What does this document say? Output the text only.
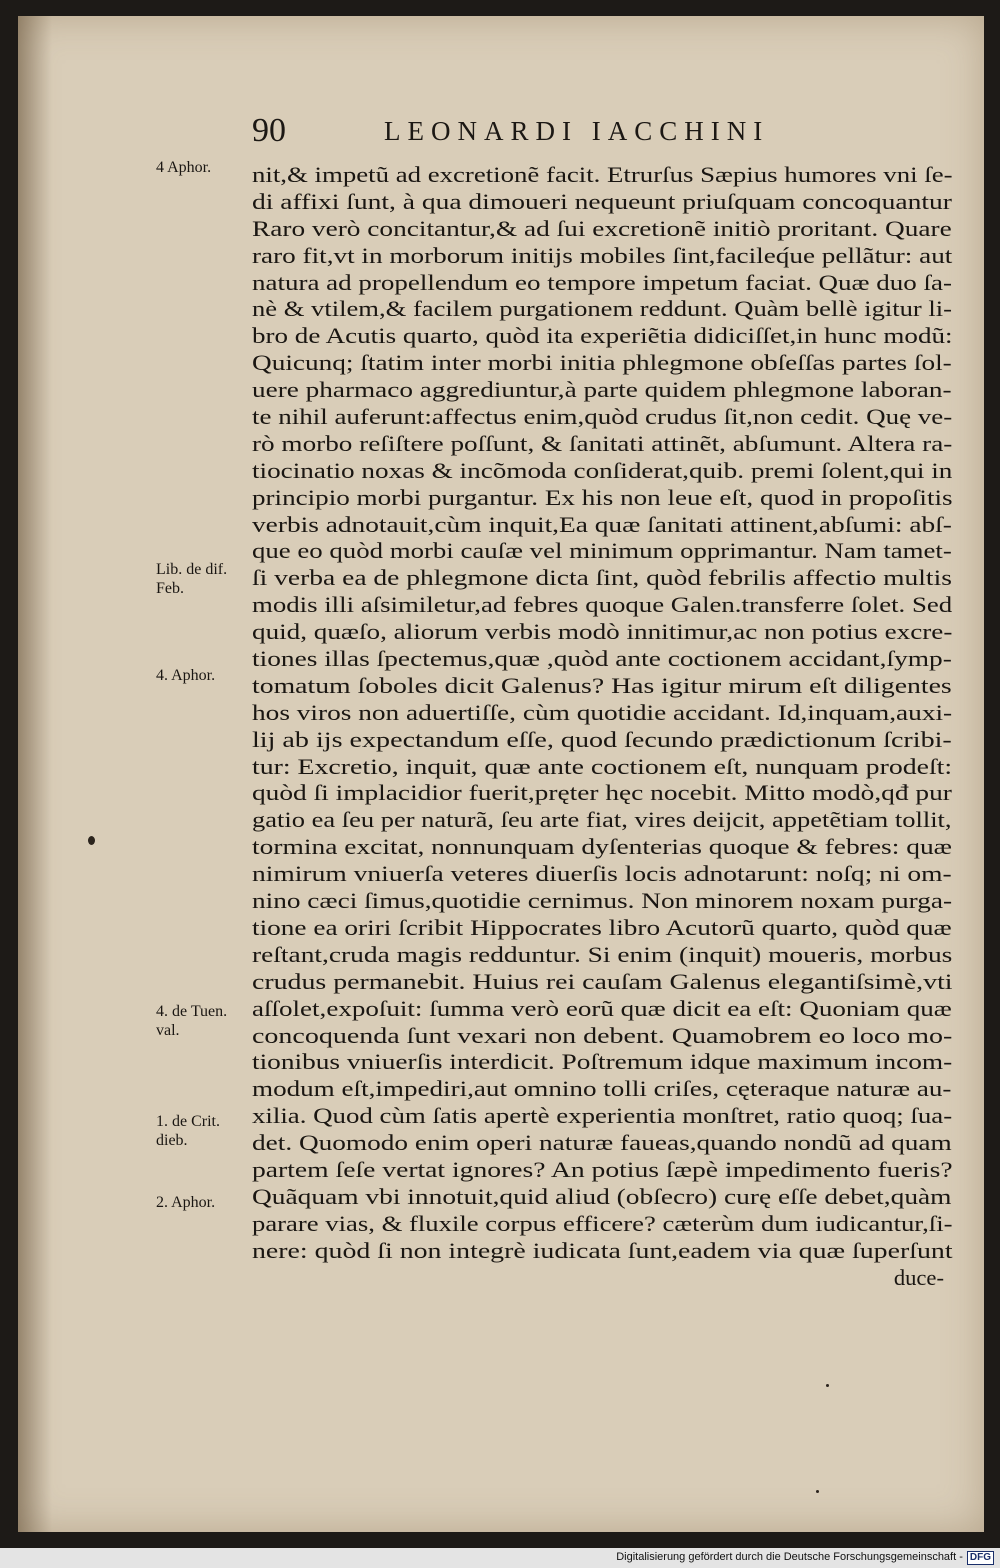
90	LEONARDI IACCHINI
4 Aphor.
Lib. de dif.
Feb.
4. Aphor.
4. de Tuen.
val.
1. de Crit.
dieb.
2. Aphor.
nit,& impetũ ad excretionẽ facit. Etrurſus Sæpius humores vni ſe-
di affixi ſunt, à qua dimoueri nequeunt priuſquam concoquantur
Raro verò concitantur,& ad ſui excretionẽ initiò proritant. Quare
raro fit,vt in morborum initijs mobiles ſint,facileq́ue pellãtur: aut
natura ad propellendum eo tempore impetum faciat. Quæ duo ſa-
nè & vtilem,& facilem purgationem reddunt. Quàm bellè igitur li-
bro de Acutis quarto, quòd ita experiẽtia didiciſſet,in hunc modũ:
Quicunq; ſtatim inter morbi initia phlegmone obſeſſas partes ſol-
uere pharmaco aggrediuntur,à parte quidem phlegmone laboran-
te nihil auferunt:affectus enim,quòd crudus ſit,non cedit. Quę ve-
rò morbo reſiſtere poſſunt, & ſanitati attinẽt, abſumunt. Altera ra-
tiocinatio noxas & incõmoda conſiderat,quib. premi ſolent,qui in
principio morbi purgantur. Ex his non leue eſt, quod in propoſitis
verbis adnotauit,cùm inquit,Ea quæ ſanitati attinent,abſumi: abſ-
que eo quòd morbi cauſæ vel minimum opprimantur. Nam tamet-
ſi verba ea de phlegmone dicta ſint, quòd febrilis affectio multis
modis illi aſsimiletur,ad febres quoque Galen.transferre ſolet. Sed
quid, quæſo, aliorum verbis modò innitimur,ac non potius excre-
tiones illas ſpectemus,quæ ,quòd ante coctionem accidant,ſymp-
tomatum ſoboles dicit Galenus? Has igitur mirum eſt diligentes
hos viros non aduertiſſe, cùm quotidie accidant. Id,inquam,auxi-
lij ab ijs expectandum eſſe, quod ſecundo prædictionum ſcribi-
tur: Excretio, inquit, quæ ante coctionem eſt, nunquam prodeſt:
quòd ſi implacidior fuerit,pręter hęc nocebit. Mitto modò,qđ pur
gatio ea ſeu per naturã, ſeu arte fiat, vires deijcit, appetẽtiam tollit,
tormina excitat, nonnunquam dyſenterias quoque & febres: quæ
nimirum vniuerſa veteres diuerſis locis adnotarunt: noſq; ni om-
nino cæci ſimus,quotidie cernimus. Non minorem noxam purga-
tione ea oriri ſcribit Hippocrates libro Acutorũ quarto, quòd quæ
reſtant,cruda magis redduntur. Si enim (inquit) moueris, morbus
crudus permanebit. Huius rei cauſam Galenus elegantiſsimè,vti
aſſolet,expoſuit: ſumma verò eorũ quæ dicit ea eſt: Quoniam quæ
concoquenda ſunt vexari non debent. Quamobrem eo loco mo-
tionibus vniuerſis interdicit. Poſtremum idque maximum incom-
modum eſt,impediri,aut omnino tolli criſes, cęteraque naturæ au-
xilia. Quod cùm ſatis apertè experientia monſtret, ratio quoq; ſua-
det. Quomodo enim operi naturæ faueas,quando nondũ ad quam
partem ſeſe vertat ignores? An potius ſæpè impedimento fueris?
Quãquam vbi innotuit,quid aliud (obſecro) curę eſſe debet,quàm
parare vias, & fluxile corpus efficere? cæterùm dum iudicantur,ſi-
nere: quòd ſi non integrè iudicata ſunt,eadem via quæ ſuperſunt
duce-
Digitalisierung gefördert durch die Deutsche Forschungsgemeinschaft - DFG
